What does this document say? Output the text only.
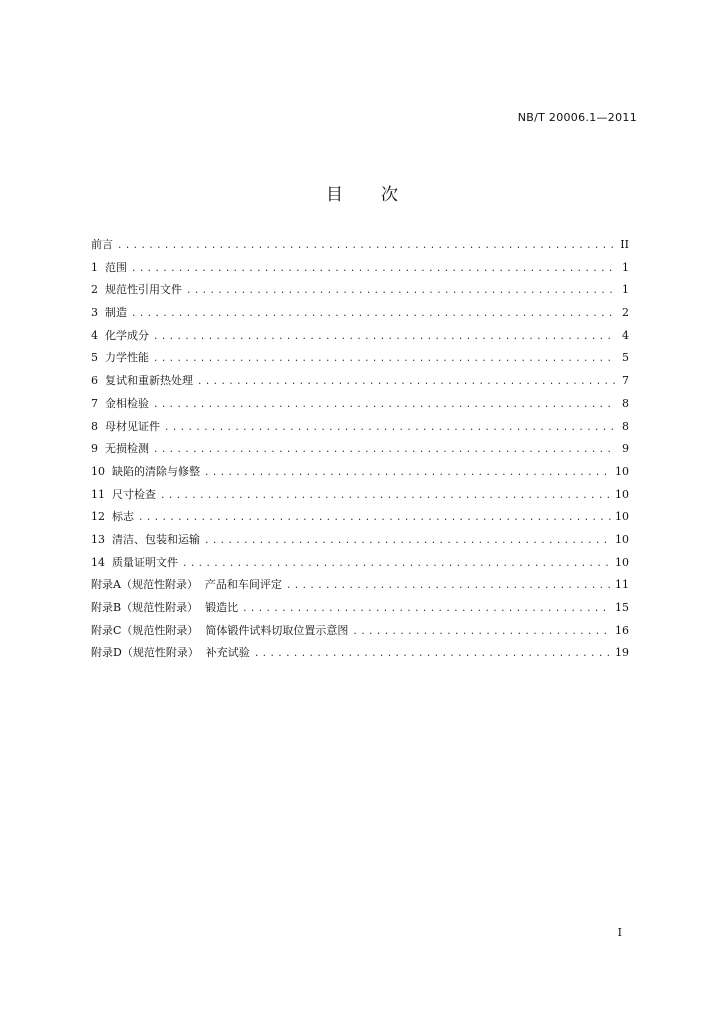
NB/T 20006.1—2011
目次
前言 .....	II
1  范围 .....	1
2  规范性引用文件 .....	1
3  制造 .....	2
4  化学成分 .....	4
5  力学性能 .....	5
6  复试和重新热处理 .....	7
7  金相检验 .....	8
8  母材见证件 .....	8
9  无损检测 .....	9
10  缺陷的清除与修整 .....	10
11  尺寸检查 .....	10
12  标志 .....	10
13  清洁、包装和运输 .....	10
14  质量证明文件 .....	10
附录A（规范性附录）  产品和车间评定 .....	11
附录B（规范性附录）  锻造比 .....	15
附录C（规范性附录）  简体锻件试料切取位置示意图 .....	16
附录D（规范性附录）  补充试验 .....	19
I
